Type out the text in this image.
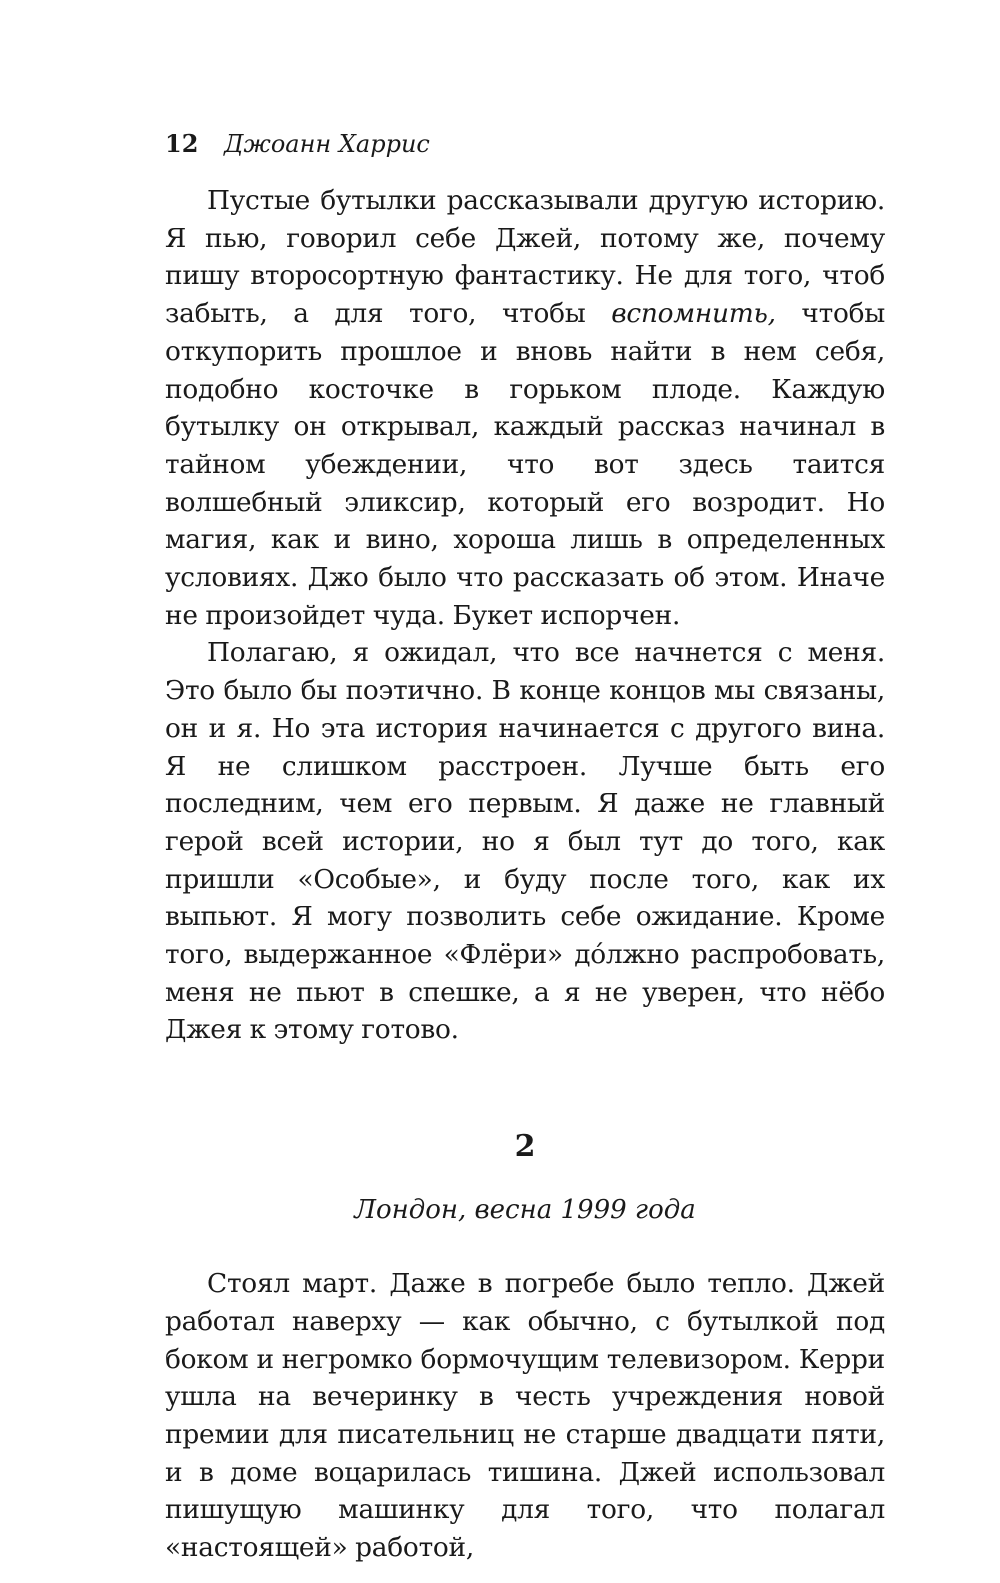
12 Джоанн Харрис

Пустые бутылки рассказывали другую историю. Я пью, говорил себе Джей, потому же, почему пишу второсортную фантастику. Не для того, чтоб забыть, а для того, чтобы вспомнить, чтобы откупорить прошлое и вновь найти в нем себя, подобно косточке в горьком плоде. Каждую бутылку он открывал, каждый рассказ начинал в тайном убеждении, что вот здесь таится волшебный эликсир, который его возродит. Но магия, как и вино, хороша лишь в определенных условиях. Джо было что рассказать об этом. Иначе не произойдет чуда. Букет испорчен.

Полагаю, я ожидал, что все начнется с меня. Это было бы поэтично. В конце концов мы связаны, он и я. Но эта история начинается с другого вина. Я не слишком расстроен. Лучше быть его последним, чем его первым. Я даже не главный герой всей истории, но я был тут до того, как пришли «Особые», и буду после того, как их выпьют. Я могу позволить себе ожидание. Кроме того, выдержанное «Флёри» до́лжно распробовать, меня не пьют в спешке, а я не уверен, что нёбо Джея к этому готово.

2
Лондон, весна 1999 года

Стоял март. Даже в погребе было тепло. Джей работал наверху — как обычно, с бутылкой под боком и негромко бормочущим телевизором. Керри ушла на вечеринку в честь учреждения новой премии для писательниц не старше двадцати пяти, и в доме воцарилась тишина. Джей использовал пишущую машинку для того, что полагал «настоящей» работой,
